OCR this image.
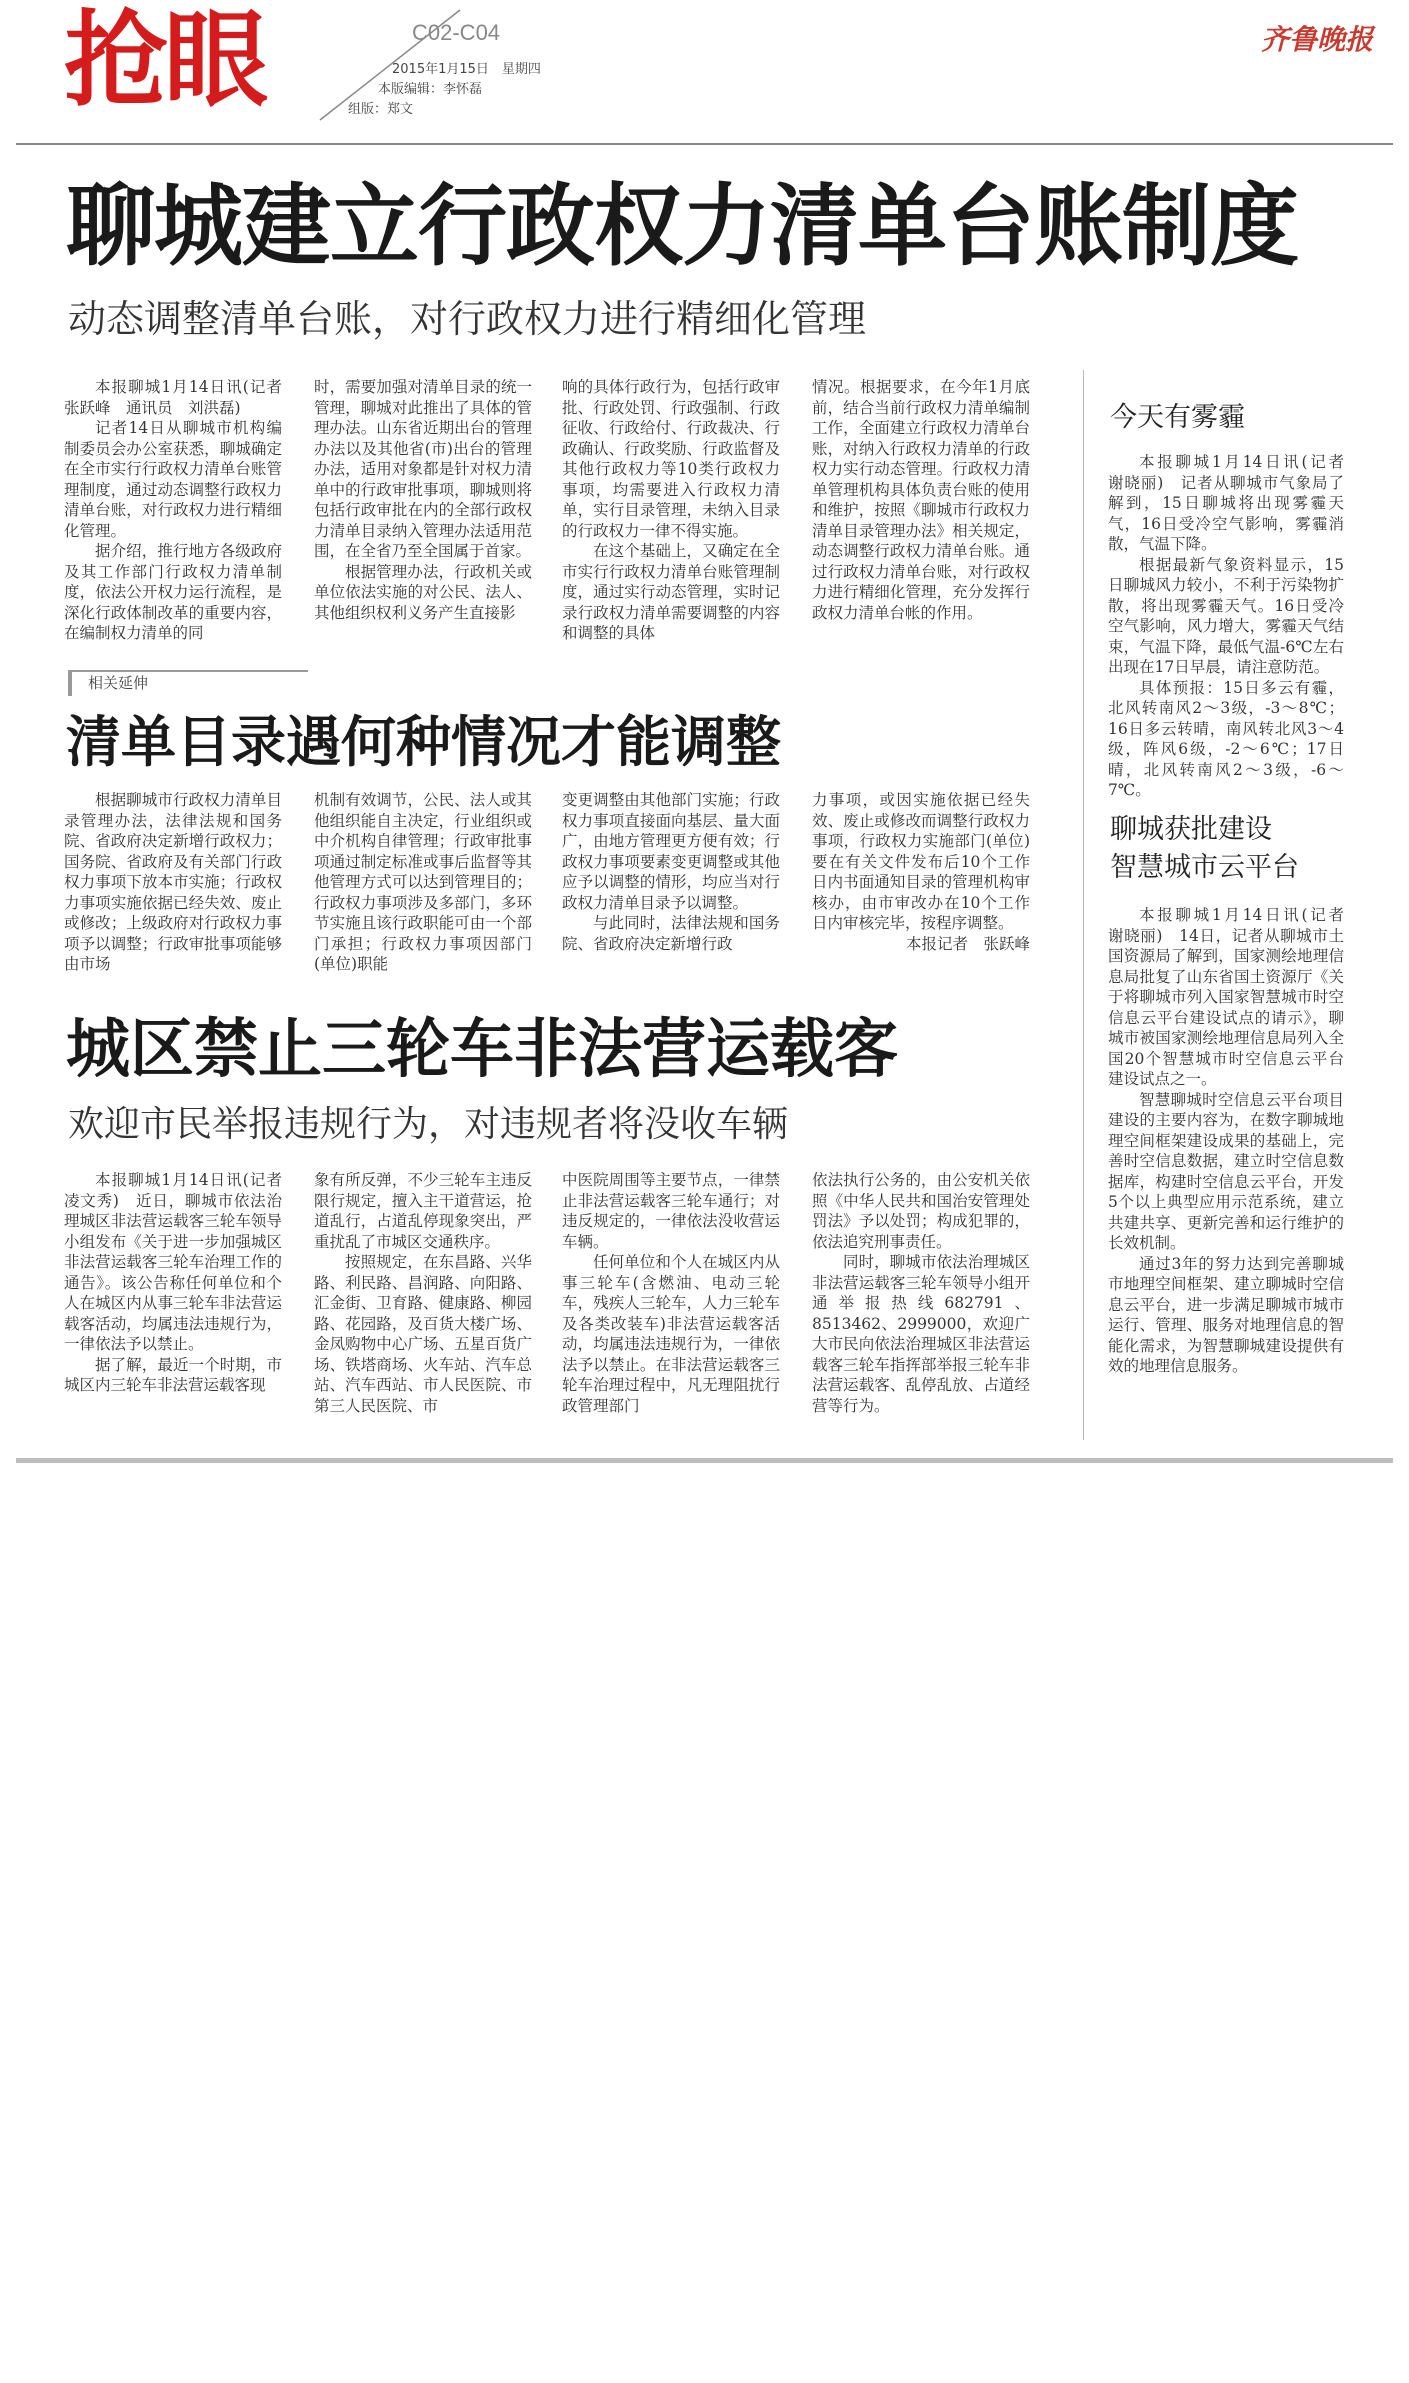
抢眼	C02-C04
2015年1月15日　星期四
本版编辑：李怀磊
组版：郑文
齐鲁晚报
聊城建立行政权力清单台账制度
动态调整清单台账，对行政权力进行精细化管理

本报聊城1月14日讯(记者　张跃峰　通讯员　刘洪磊)

记者14日从聊城市机构编制委员会办公室获悉，聊城确定在全市实行行政权力清单台账管理制度，通过动态调整行政权力清单台账，对行政权力进行精细化管理。

据介绍，推行地方各级政府及其工作部门行政权力清单制度，依法公开权力运行流程，是深化行政体制改革的重要内容，在编制权力清单的同

时，需要加强对清单目录的统一管理，聊城对此推出了具体的管理办法。山东省近期出台的管理办法以及其他省(市)出台的管理办法，适用对象都是针对权力清单中的行政审批事项，聊城则将包括行政审批在内的全部行政权力清单目录纳入管理办法适用范围，在全省乃至全国属于首家。

根据管理办法，行政机关或单位依法实施的对公民、法人、其他组织权利义务产生直接影

响的具体行政行为，包括行政审批、行政处罚、行政强制、行政征收、行政给付、行政裁决、行政确认、行政奖励、行政监督及其他行政权力等10类行政权力事项，均需要进入行政权力清单，实行目录管理，未纳入目录的行政权力一律不得实施。

在这个基础上，又确定在全市实行行政权力清单台账管理制度，通过实行动态管理，实时记录行政权力清单需要调整的内容和调整的具体

情况。根据要求，在今年1月底前，结合当前行政权力清单编制工作，全面建立行政权力清单台账，对纳入行政权力清单的行政权力实行动态管理。行政权力清单管理机构具体负责台账的使用和维护，按照《聊城市行政权力清单目录管理办法》相关规定，动态调整行政权力清单台账。通过行政权力清单台账，对行政权力进行精细化管理，充分发挥行政权力清单台帐的作用。

相关延伸
清单目录遇何种情况才能调整

根据聊城市行政权力清单目录管理办法，法律法规和国务院、省政府决定新增行政权力；国务院、省政府及有关部门行政权力事项下放本市实施；行政权力事项实施依据已经失效、废止或修改；上级政府对行政权力事项予以调整；行政审批事项能够由市场

机制有效调节，公民、法人或其他组织能自主决定，行业组织或中介机构自律管理；行政审批事项通过制定标准或事后监督等其他管理方式可以达到管理目的；行政权力事项涉及多部门，多环节实施且该行政职能可由一个部门承担；行政权力事项因部门(单位)职能

变更调整由其他部门实施；行政权力事项直接面向基层、量大面广，由地方管理更方便有效；行政权力事项要素变更调整或其他应予以调整的情形，均应当对行政权力清单目录予以调整。

与此同时，法律法规和国务院、省政府决定新增行政

力事项，或因实施依据已经失效、废止或修改而调整行政权力事项，行政权力实施部门(单位)要在有关文件发布后10个工作日内书面通知目录的管理机构审核办，由市审改办在10个工作日内审核完毕，按程序调整。

本报记者　张跃峰

城区禁止三轮车非法营运载客
欢迎市民举报违规行为，对违规者将没收车辆

本报聊城1月14日讯(记者　凌文秀)　近日，聊城市依法治理城区非法营运载客三轮车领导小组发布《关于进一步加强城区非法营运载客三轮车治理工作的通告》。该公告称任何单位和个人在城区内从事三轮车非法营运载客活动，均属违法违规行为，一律依法予以禁止。

据了解，最近一个时期，市城区内三轮车非法营运载客现

象有所反弹，不少三轮车主违反限行规定，擅入主干道营运，抢道乱行，占道乱停现象突出，严重扰乱了市城区交通秩序。

按照规定，在东昌路、兴华路、利民路、昌润路、向阳路、汇金街、卫育路、健康路、柳园路、花园路，及百货大楼广场、金凤购物中心广场、五星百货广场、铁塔商场、火车站、汽车总站、汽车西站、市人民医院、市第三人民医院、市

中医院周围等主要节点，一律禁止非法营运载客三轮车通行；对违反规定的，一律依法没收营运车辆。

任何单位和个人在城区内从事三轮车(含燃油、电动三轮车，残疾人三轮车，人力三轮车及各类改装车)非法营运载客活动，均属违法违规行为，一律依法予以禁止。在非法营运载客三轮车治理过程中，凡无理阻扰行政管理部门

依法执行公务的，由公安机关依照《中华人民共和国治安管理处罚法》予以处罚；构成犯罪的，依法追究刑事责任。

同时，聊城市依法治理城区非法营运载客三轮车领导小组开通举报热线682791、8513462、2999000，欢迎广大市民向依法治理城区非法营运载客三轮车指挥部举报三轮车非法营运载客、乱停乱放、占道经营等行为。

今天有雾霾

本报聊城1月14日讯(记者　谢晓丽)　记者从聊城市气象局了解到，15日聊城将出现雾霾天气，16日受冷空气影响，雾霾消散，气温下降。

根据最新气象资料显示，15日聊城风力较小，不利于污染物扩散，将出现雾霾天气。16日受冷空气影响，风力增大，雾霾天气结束，气温下降，最低气温-6℃左右出现在17日早晨，请注意防范。

具体预报：15日多云有霾，北风转南风2～3级，-3～8℃；16日多云转晴，南风转北风3～4级，阵风6级，-2～6℃；17日晴，北风转南风2～3级，-6～7℃。

聊城获批建设
智慧城市云平台

本报聊城1月14日讯(记者　谢晓丽)　14日，记者从聊城市土国资源局了解到，国家测绘地理信息局批复了山东省国土资源厅《关于将聊城市列入国家智慧城市时空信息云平台建设试点的请示》，聊城市被国家测绘地理信息局列入全国20个智慧城市时空信息云平台建设试点之一。

智慧聊城时空信息云平台项目建设的主要内容为，在数字聊城地理空间框架建设成果的基础上，完善时空信息数据，建立时空信息数据库，构建时空信息云平台，开发5个以上典型应用示范系统，建立共建共享、更新完善和运行维护的长效机制。

通过3年的努力达到完善聊城市地理空间框架、建立聊城时空信息云平台，进一步满足聊城市城市运行、管理、服务对地理信息的智能化需求，为智慧聊城建设提供有效的地理信息服务。
